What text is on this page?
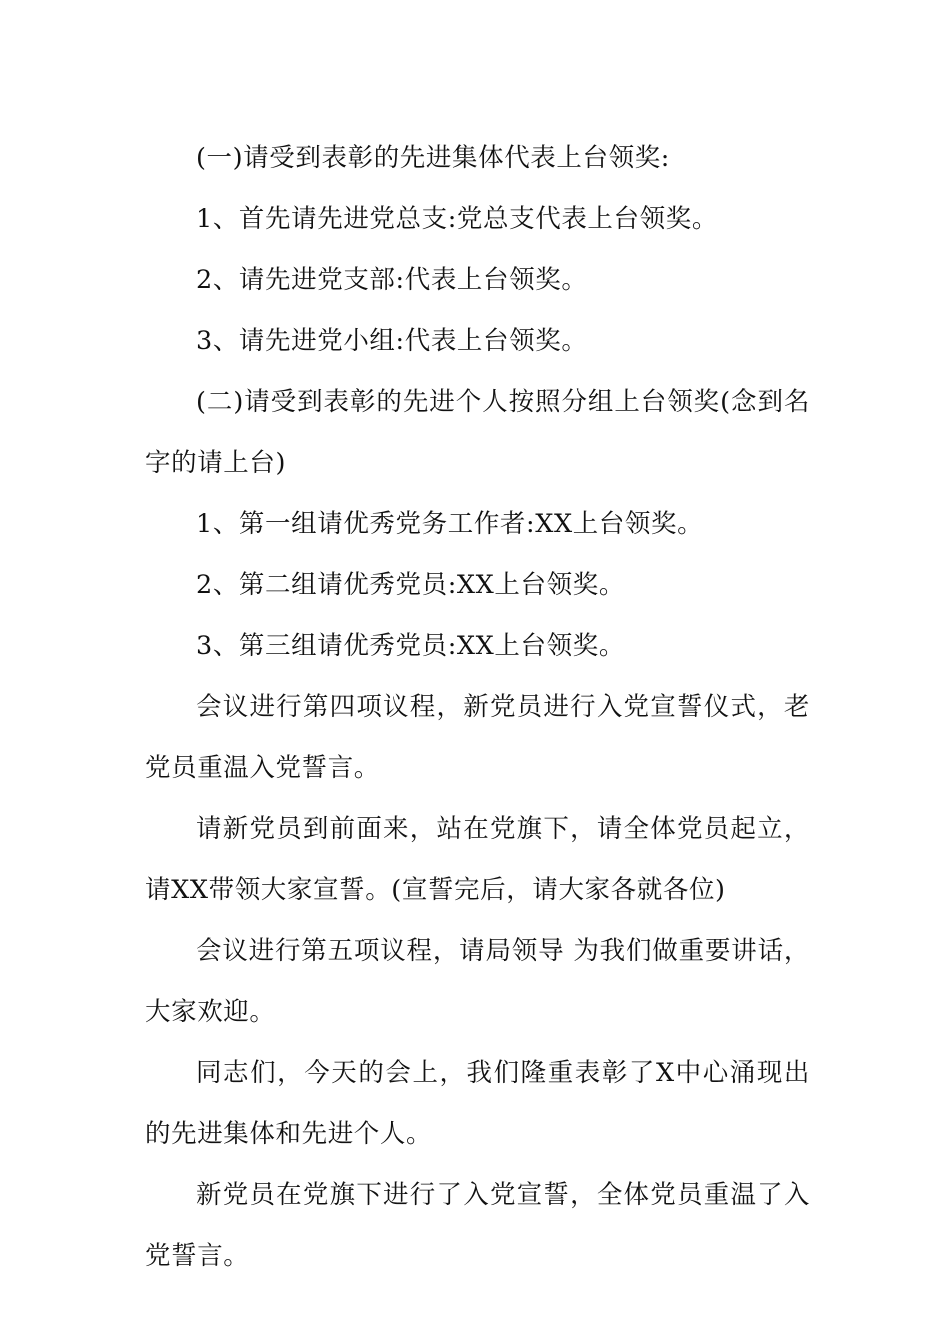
(一)请受到表彰的先进集体代表上台领奖:

1、首先请先进党总支:党总支代表上台领奖。

2、请先进党支部:代表上台领奖。

3、请先进党小组:代表上台领奖。

(二)请受到表彰的先进个人按照分组上台领奖(念到名字的请上台)

1、第一组请优秀党务工作者:XX上台领奖。

2、第二组请优秀党员:XX上台领奖。

3、第三组请优秀党员:XX上台领奖。

会议进行第四项议程，新党员进行入党宣誓仪式，老党员重温入党誓言。

请新党员到前面来，站在党旗下，请全体党员起立，请XX带领大家宣誓。(宣誓完后，请大家各就各位)

会议进行第五项议程，请局领导 为我们做重要讲话，大家欢迎。

同志们，今天的会上，我们隆重表彰了X中心涌现出的先进集体和先进个人。

新党员在党旗下进行了入党宣誓，全体党员重温了入党誓言。
